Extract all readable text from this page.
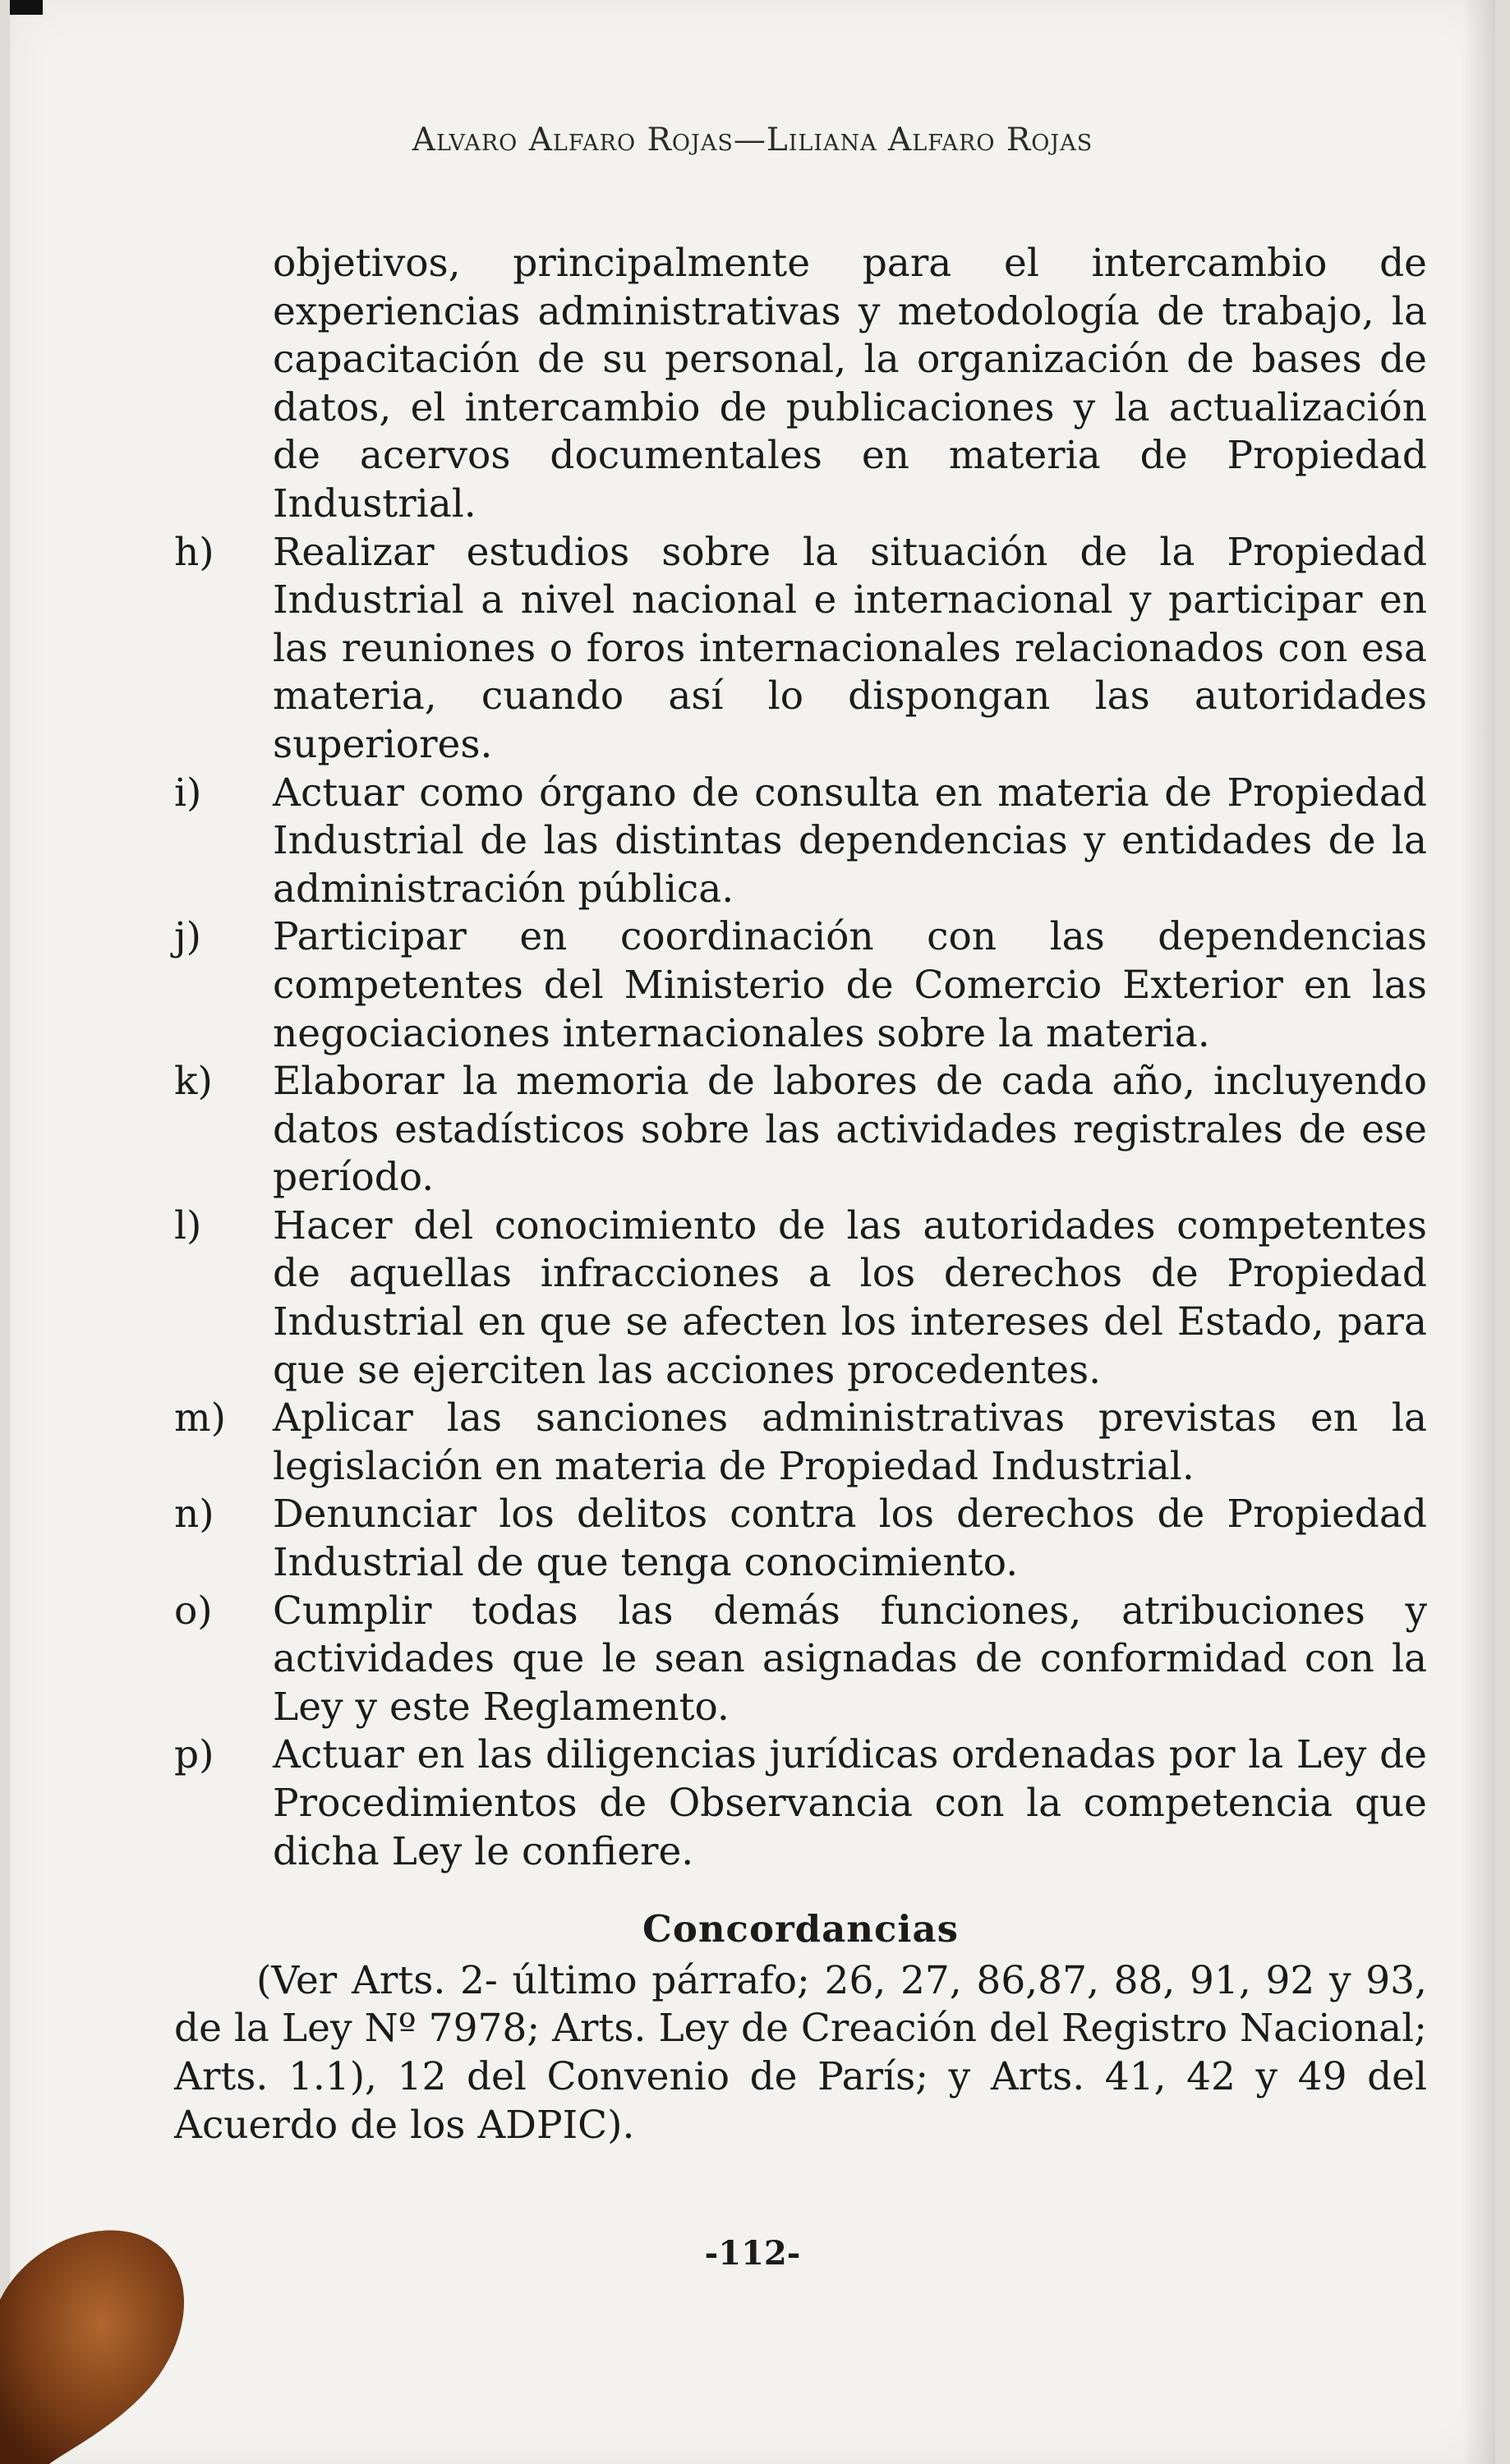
Alvaro Alfaro Rojas—Liliana Alfaro Rojas

objetivos, principalmente para el intercambio de experiencias administrativas y metodología de trabajo, la capacitación de su personal, la organización de bases de datos, el intercambio de publicaciones y la actualización de acervos documentales en materia de Propiedad Industrial.

h)	Realizar estudios sobre la situación de la Propiedad Industrial a nivel nacional e internacional y participar en las reuniones o foros internacionales relacionados con esa materia, cuando así lo dispongan las autoridades superiores.
i)	Actuar como órgano de consulta en materia de Propiedad Industrial de las distintas dependencias y entidades de la administración pública.
j)	Participar en coordinación con las dependencias competentes del Ministerio de Comercio Exterior en las negociaciones internacionales sobre la materia.
k)	Elaborar la memoria de labores de cada año, incluyendo datos estadísticos sobre las actividades registrales de ese período.
l)	Hacer del conocimiento de las autoridades competentes de aquellas infracciones a los derechos de Propiedad Industrial en que se afecten los intereses del Estado, para que se ejerciten las acciones procedentes.
m)	Aplicar las sanciones administrativas previstas en la legislación en materia de Propiedad Industrial.
n)	Denunciar los delitos contra los derechos de Propiedad Industrial de que tenga conocimiento.
o)	Cumplir todas las demás funciones, atribuciones y actividades que le sean asignadas de conformidad con la Ley y este Reglamento.
p)	Actuar en las diligencias jurídicas ordenadas por la Ley de Procedimientos de Observancia con la competencia que dicha Ley le confiere.
Concordancias

(Ver Arts. 2- último párrafo; 26, 27, 86,87, 88, 91, 92 y 93, de la Ley Nº 7978; Arts. Ley de Creación del Registro Nacional; Arts. 1.1), 12 del Convenio de París; y Arts. 41, 42 y 49 del Acuerdo de los ADPIC).

-112-
